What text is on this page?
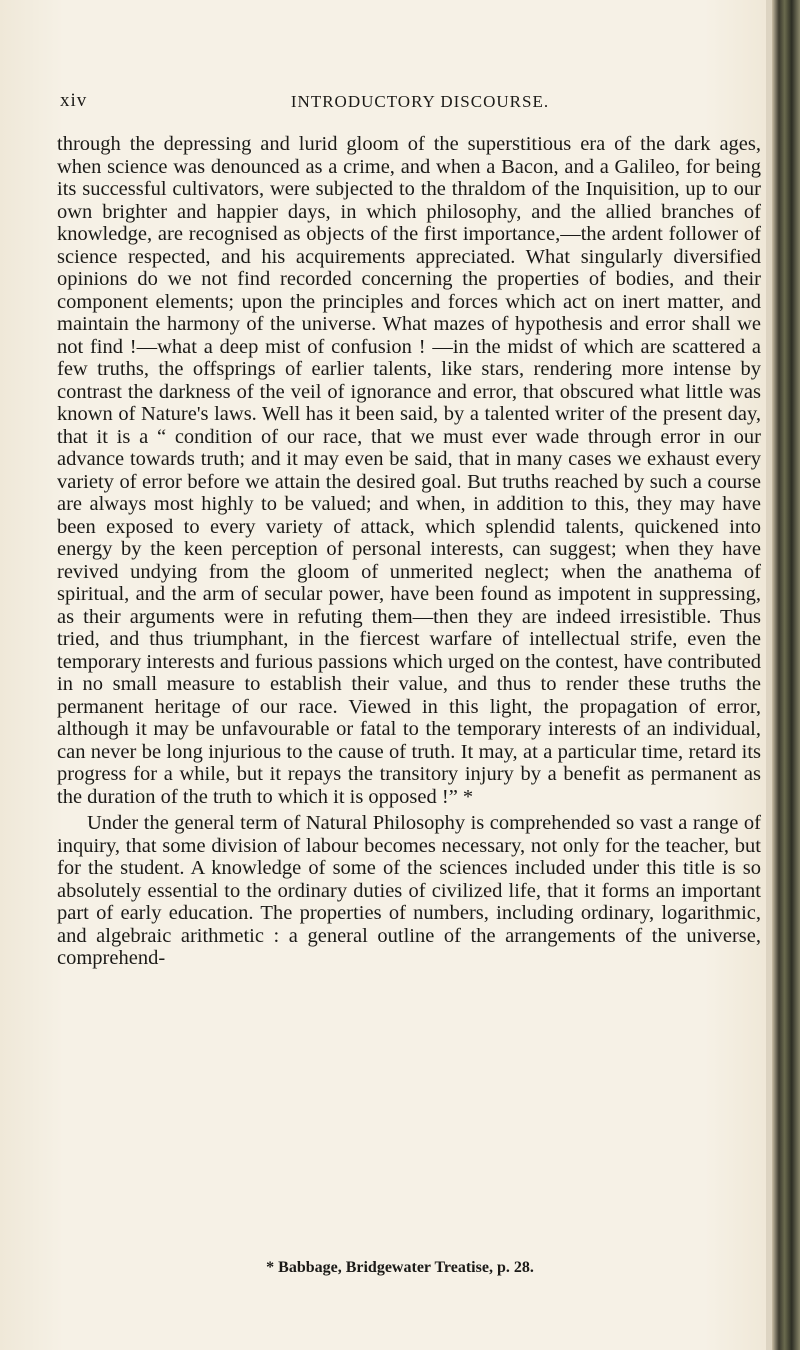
xiv	INTRODUCTORY DISCOURSE.

through the depressing and lurid gloom of the superstitious era of the dark ages, when science was denounced as a crime, and when a Bacon, and a Galileo, for being its successful cultivators, were subjected to the thraldom of the Inquisition, up to our own brighter and happier days, in which philosophy, and the allied branches of knowledge, are recognised as objects of the first importance,—the ardent follower of science respected, and his acquirements appreciated. What singularly diversified opinions do we not find recorded concerning the properties of bodies, and their component elements; upon the principles and forces which act on inert matter, and maintain the harmony of the universe. What mazes of hypothesis and error shall we not find !—what a deep mist of confusion ! —in the midst of which are scattered a few truths, the offsprings of earlier talents, like stars, rendering more intense by contrast the darkness of the veil of ignorance and error, that obscured what little was known of Nature's laws. Well has it been said, by a talented writer of the present day, that it is a “ condition of our race, that we must ever wade through error in our advance towards truth; and it may even be said, that in many cases we exhaust every variety of error before we attain the desired goal. But truths reached by such a course are always most highly to be valued; and when, in addition to this, they may have been exposed to every variety of attack, which splendid talents, quickened into energy by the keen perception of personal interests, can suggest; when they have revived undying from the gloom of unmerited neglect; when the anathema of spiritual, and the arm of secular power, have been found as impotent in suppressing, as their arguments were in refuting them—then they are indeed irresistible. Thus tried, and thus triumphant, in the fiercest warfare of intellectual strife, even the temporary interests and furious passions which urged on the contest, have contributed in no small measure to establish their value, and thus to render these truths the permanent heritage of our race. Viewed in this light, the propagation of error, although it may be unfavourable or fatal to the temporary interests of an individual, can never be long injurious to the cause of truth. It may, at a particular time, retard its progress for a while, but it repays the transitory injury by a benefit as permanent as the duration of the truth to which it is opposed !” *

Under the general term of Natural Philosophy is comprehended so vast a range of inquiry, that some division of labour becomes necessary, not only for the teacher, but for the student. A knowledge of some of the sciences included under this title is so absolutely essential to the ordinary duties of civilized life, that it forms an important part of early education. The properties of numbers, including ordinary, logarithmic, and algebraic arithmetic : a general outline of the arrangements of the universe, comprehend-

* Babbage, Bridgewater Treatise, p. 28.
